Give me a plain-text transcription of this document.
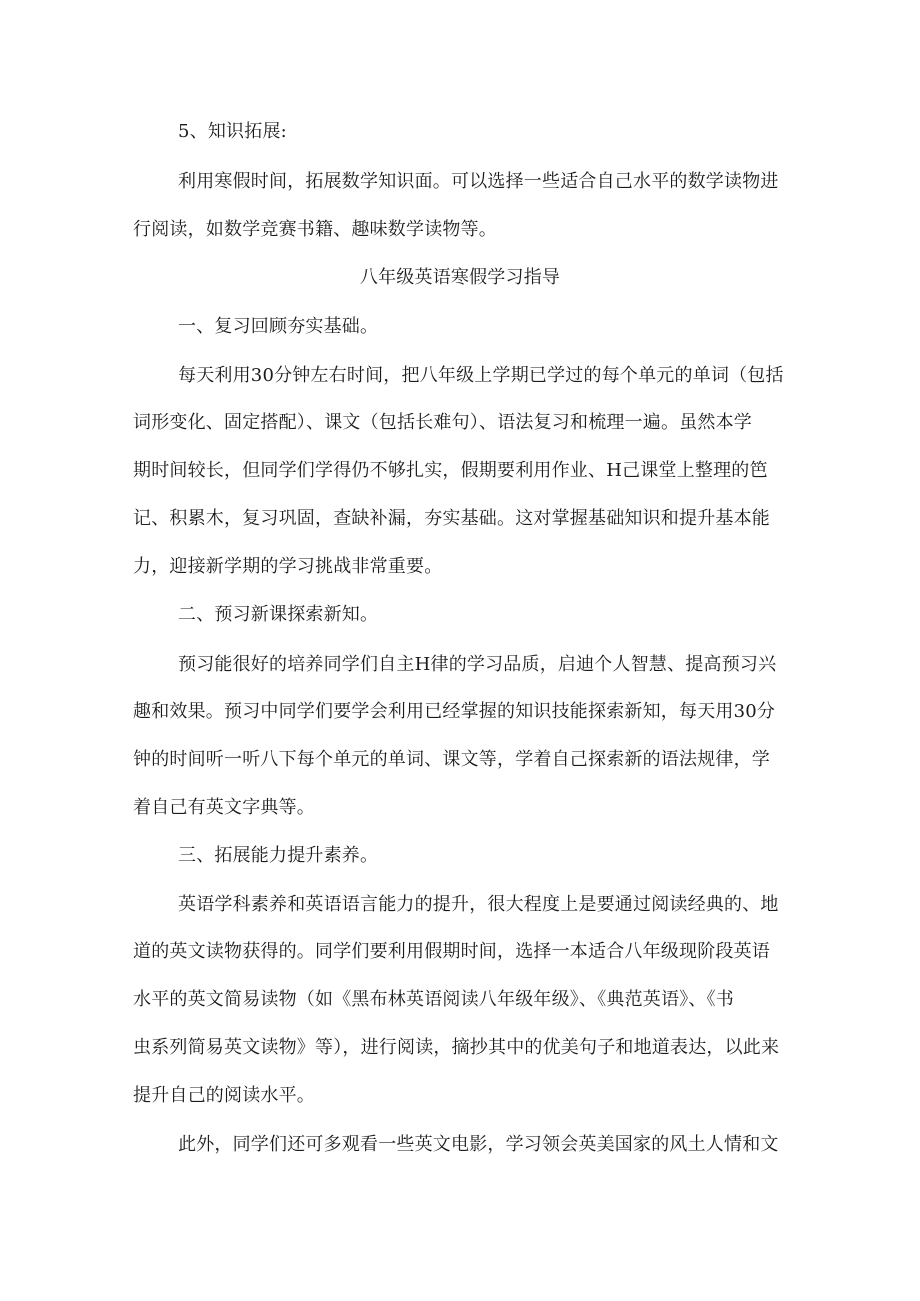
5、知识拓展:

利用寒假时间，拓展数学知识面。可以选择一些适合自己水平的数学读物进

行阅读，如数学竞赛书籍、趣味数学读物等。

八年级英语寒假学习指导

一、复习回顾夯实基础。

每天利用30分钟左右时间，把八年级上学期已学过的每个单元的单词（包括

词形变化、固定搭配）、课文（包括长难句）、语法复习和梳理一遍。虽然本学

期时间较长，但同学们学得仍不够扎实，假期要利用作业、H己课堂上整理的笆

记、积累木，复习巩固，查缺补漏，夯实基础。这对掌握基础知识和提升基本能

力，迎接新学期的学习挑战非常重要。

二、预习新课探索新知。

预习能很好的培养同学们自主H律的学习品质，启迪个人智慧、提高预习兴

趣和效果。预习中同学们要学会利用已经掌握的知识技能探索新知，每天用30分

钟的时间听一听八下每个单元的单词、课文等，学着自己探索新的语法规律，学

着自己有英文字典等。

三、拓展能力提升素养。

英语学科素养和英语语言能力的提升，很大程度上是要通过阅读经典的、地

道的英文读物获得的。同学们要利用假期时间，选择一本适合八年级现阶段英语

水平的英文简易读物（如《黑布林英语阅读八年级年级》、《典范英语》、《书

虫系列简易英文读物》等），进行阅读，摘抄其中的优美句子和地道表达，以此来

提升自己的阅读水平。

此外，同学们还可多观看一些英文电影，学习领会英美国家的风土人情和文
